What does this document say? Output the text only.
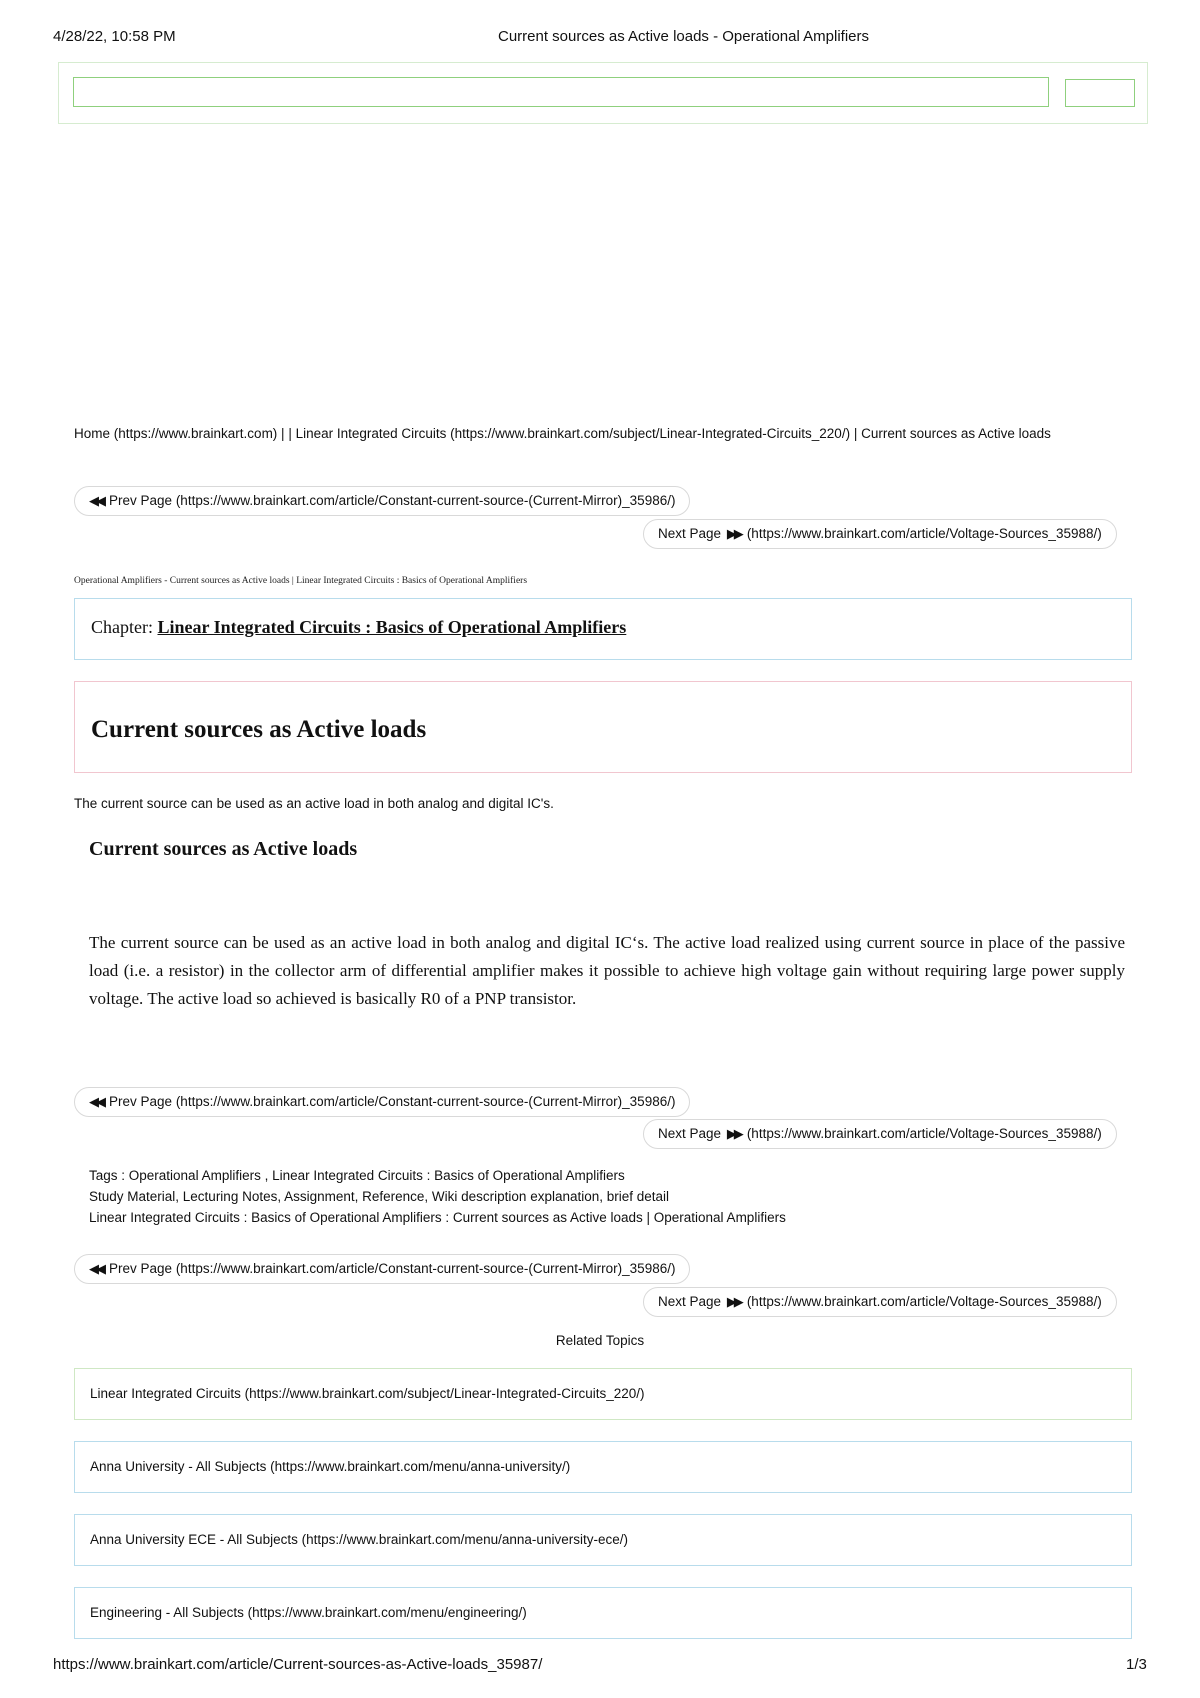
4/28/22, 10:58 PM	Current sources as Active loads - Operational Amplifiers
Home (https://www.brainkart.com) | | Linear Integrated Circuits (https://www.brainkart.com/subject/Linear-Integrated-Circuits_220/) | Current sources as Active loads
◀◀ Prev Page (https://www.brainkart.com/article/Constant-current-source-(Current-Mirror)_35986/)
Next Page ▶▶ (https://www.brainkart.com/article/Voltage-Sources_35988/)
Operational Amplifiers - Current sources as Active loads | Linear Integrated Circuits : Basics of Operational Amplifiers
Chapter: Linear Integrated Circuits : Basics of Operational Amplifiers
Current sources as Active loads
The current source can be used as an active load in both analog and digital IC's.
Current sources as Active loads
The current source can be used as an active load in both analog and digital IC‘s. The active load realized using current source in place of the passive load (i.e. a resistor) in the collector arm of differential amplifier makes it possible to achieve high voltage gain without requiring large power supply voltage. The active load so achieved is basically R0 of a PNP transistor.
◀◀ Prev Page (https://www.brainkart.com/article/Constant-current-source-(Current-Mirror)_35986/)
Next Page ▶▶ (https://www.brainkart.com/article/Voltage-Sources_35988/)
Tags : Operational Amplifiers , Linear Integrated Circuits : Basics of Operational Amplifiers
Study Material, Lecturing Notes, Assignment, Reference, Wiki description explanation, brief detail
Linear Integrated Circuits : Basics of Operational Amplifiers : Current sources as Active loads | Operational Amplifiers
◀◀ Prev Page (https://www.brainkart.com/article/Constant-current-source-(Current-Mirror)_35986/)
Next Page ▶▶ (https://www.brainkart.com/article/Voltage-Sources_35988/)
Related Topics
Linear Integrated Circuits (https://www.brainkart.com/subject/Linear-Integrated-Circuits_220/)
Anna University - All Subjects (https://www.brainkart.com/menu/anna-university/)
Anna University ECE - All Subjects (https://www.brainkart.com/menu/anna-university-ece/)
Engineering - All Subjects (https://www.brainkart.com/menu/engineering/)
https://www.brainkart.com/article/Current-sources-as-Active-loads_35987/	1/3
